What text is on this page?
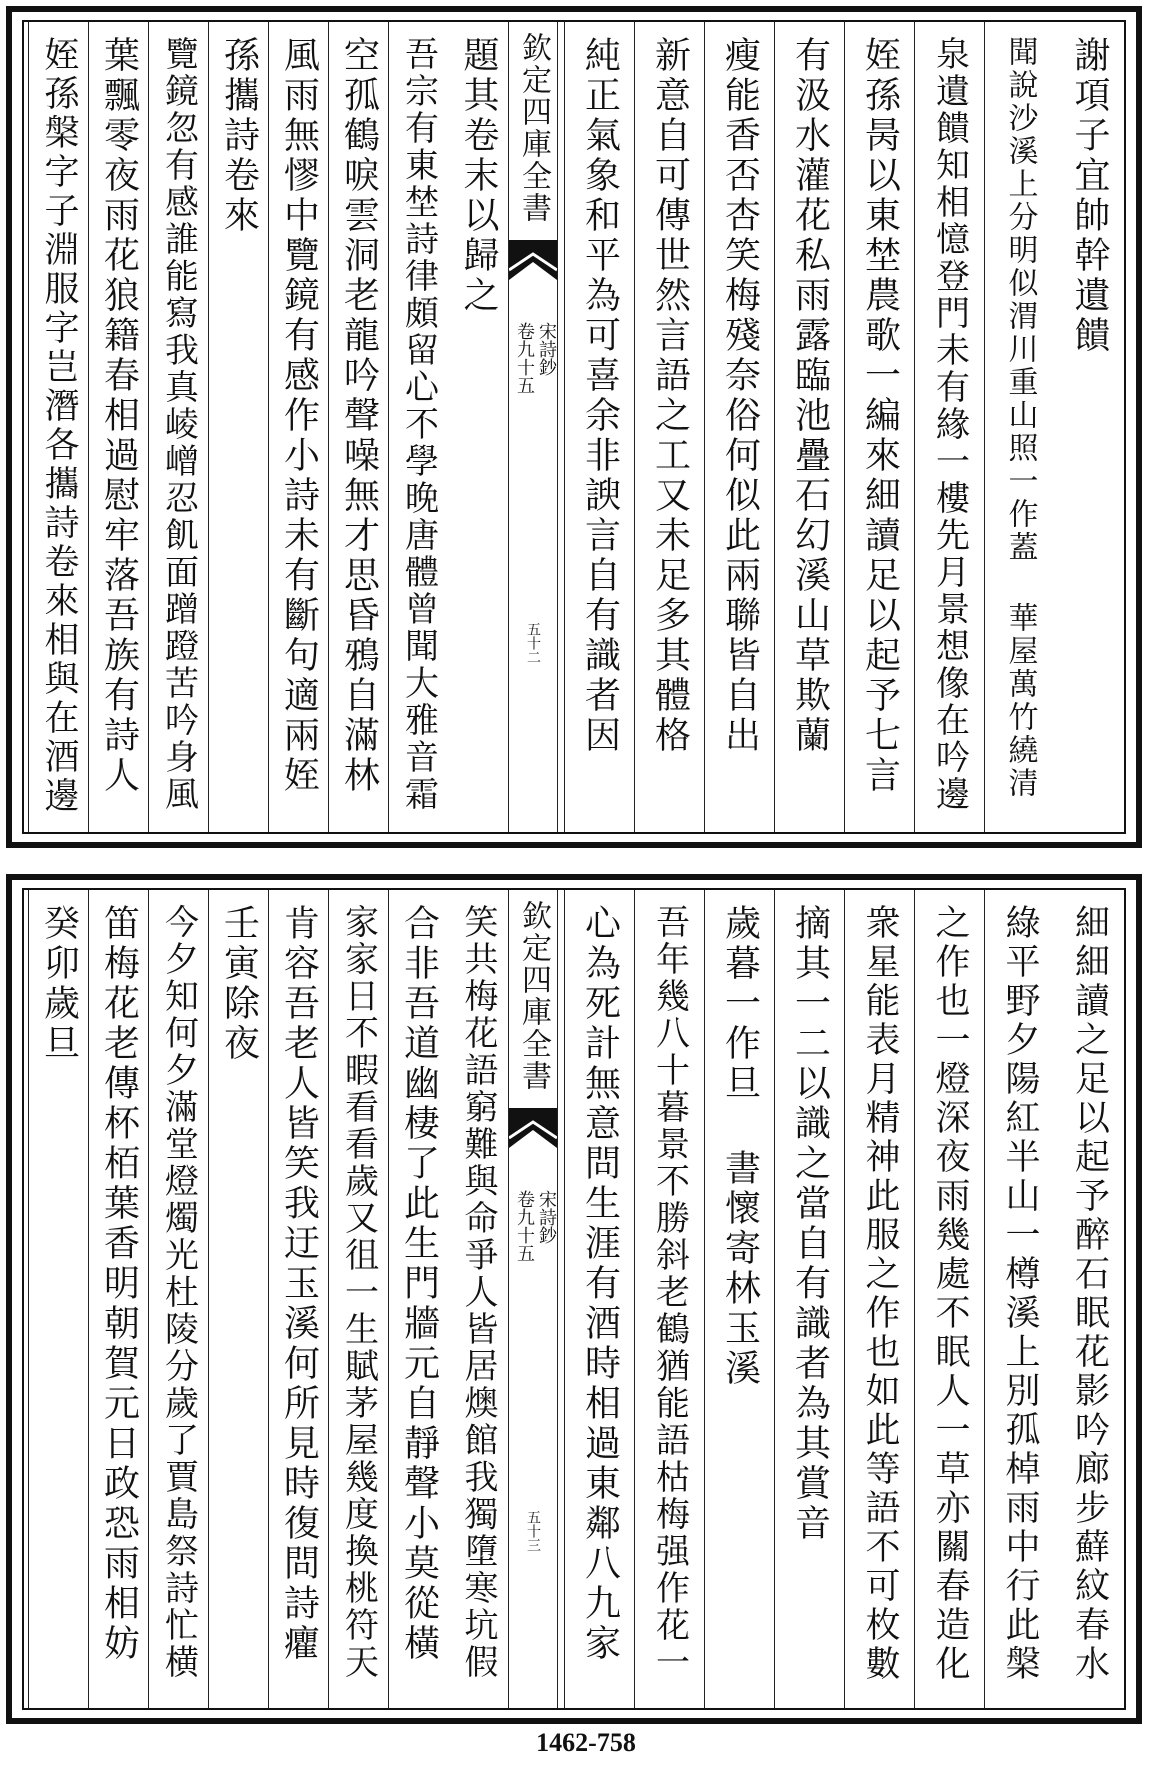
謝項子宜帥幹遺饋
聞說沙溪上分明似渭川重山照一作蓋 華屋萬竹繞清
泉遺饋知相憶登門未有緣一樓先月景想像在吟邊
姪孫昺以東埜農歌一編來細讀足以起予七言
有汲水灌花私雨露臨池疊石幻溪山草欺蘭
瘦能香否杏笑梅殘奈俗何似此兩聯皆自出
新意自可傳世然言語之工又未足多其體格
純正氣象和平為可喜余非諛言自有識者因
欽定四庫全書
宋詩鈔
卷九十五
五十二
題其卷末以歸之
吾宗有東埜詩律頗留心不學晚唐體曾聞大雅音霜
空孤鶴唳雲洞老龍吟聲噪無才思昏鴉自滿林
風雨無憀中覽鏡有感作小詩未有斷句適兩姪
孫攜詩卷來
覽鏡忽有感誰能寫我真崚嶒忍飢面蹭蹬苦吟身風
葉飄零夜雨花狼籍春相過慰牢落吾族有詩人
姪孫槃字子淵服字岂潛各攜詩卷來相與在酒邊
細細讀之足以起予醉石眠花影吟廊步蘚紋春水
綠平野夕陽紅半山一樽溪上別孤棹雨中行此槃
之作也一燈深夜雨幾處不眠人一草亦關春造化
衆星能表月精神此服之作也如此等語不可枚數
摘其一二以識之當自有識者為其賞音
歲暮一作旦 書懷寄林玉溪
吾年幾八十暮景不勝斜老鶴猶能語枯梅强作花一
心為死計無意問生涯有酒時相過東鄰八九家
欽定四庫全書
宋詩鈔
卷九十五
五十三
笑共梅花語窮難與命爭人皆居燠館我獨墮寒坑假
合非吾道幽棲了此生門牆元自靜聲小莫從橫
家家日不暇看看歲又徂一生賦茅屋幾度換桃符天
肯容吾老人皆笑我迂玉溪何所見時復問詩癯
壬寅除夜
今夕知何夕滿堂燈燭光杜陵分歲了賈島祭詩忙横
笛梅花老傳杯栢葉香明朝賀元日政恐雨相妨
癸卯歲旦
1462-758
